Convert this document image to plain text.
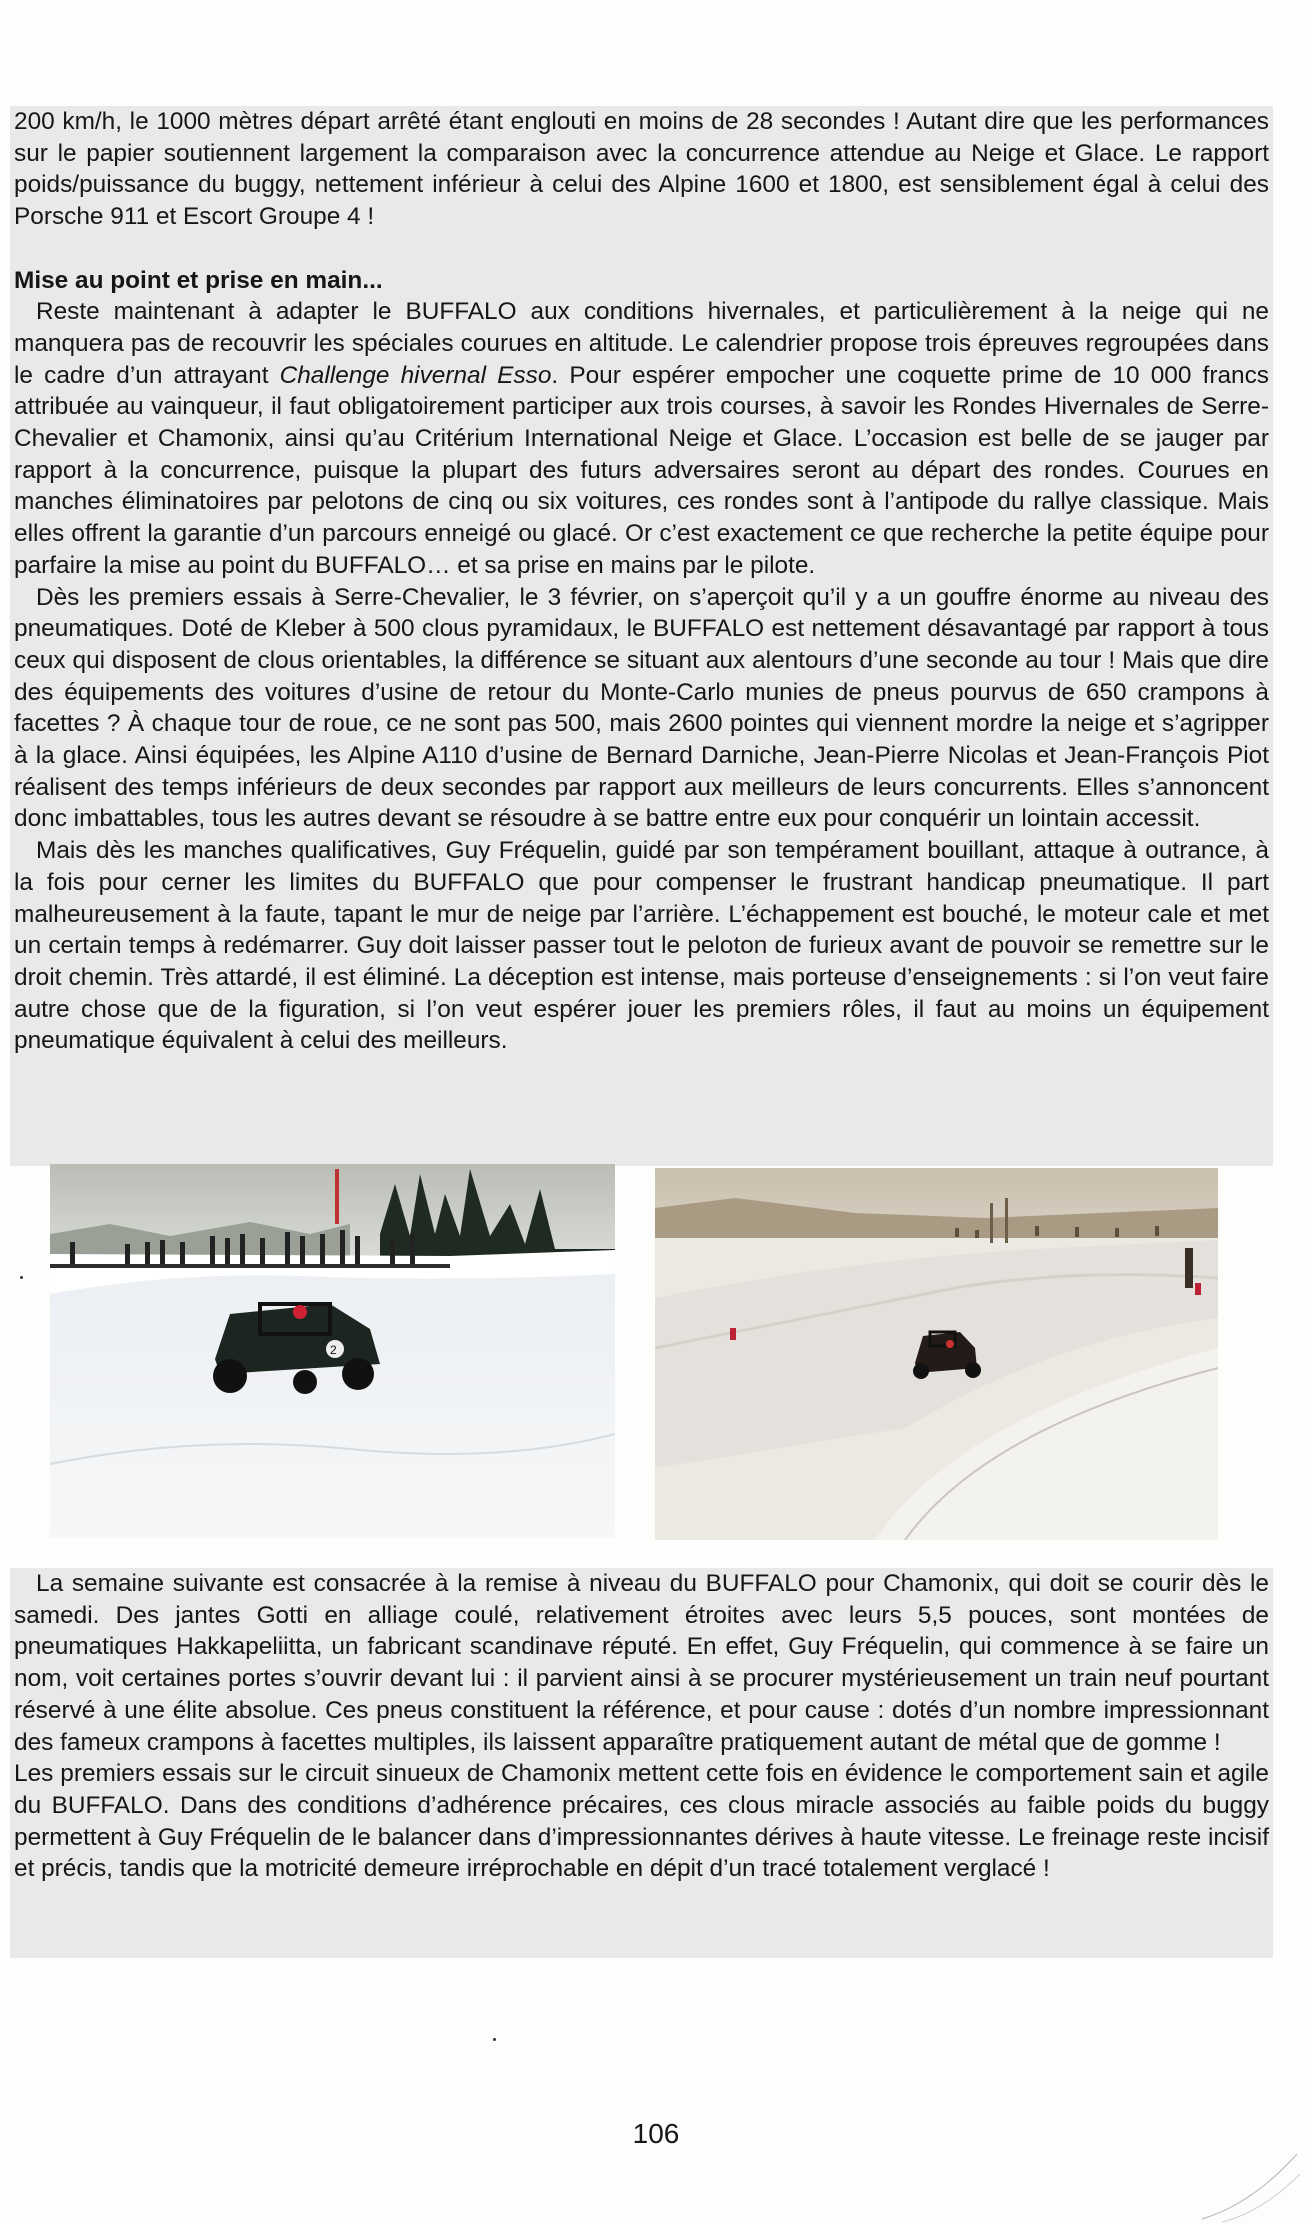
200 km/h, le 1000 mètres départ arrêté étant englouti en moins de 28 secondes ! Autant dire que les performances sur le papier soutiennent largement la comparaison avec la concurrence attendue au Neige et Glace. Le rapport poids/puissance du buggy, nettement inférieur à celui des Alpine 1600 et 1800, est sensiblement égal à celui des Porsche 911 et Escort Groupe 4 !

Mise au point et prise en main...

Reste maintenant à adapter le BUFFALO aux conditions hivernales, et particulièrement à la neige qui ne manquera pas de recouvrir les spéciales courues en altitude. Le calendrier propose trois épreuves regroupées dans le cadre d’un attrayant Challenge hivernal Esso. Pour espérer empocher une coquette prime de 10 000 francs attribuée au vainqueur, il faut obligatoirement participer aux trois courses, à savoir les Rondes Hivernales de Serre-Chevalier et Chamonix, ainsi qu’au Critérium International Neige et Glace. L’occasion est belle de se jauger par rapport à la concurrence, puisque la plupart des futurs adversaires seront au départ des rondes. Courues en manches éliminatoires par pelotons de cinq ou six voitures, ces rondes sont à l’antipode du rallye classique. Mais elles offrent la garantie d’un parcours enneigé ou glacé. Or c’est exactement ce que recherche la petite équipe pour parfaire la mise au point du BUFFALO… et sa prise en mains par le pilote.

Dès les premiers essais à Serre-Chevalier, le 3 février, on s’aperçoit qu’il y a un gouffre énorme au niveau des pneumatiques. Doté de Kleber à 500 clous pyramidaux, le BUFFALO est nettement désavantagé par rapport à tous ceux qui disposent de clous orientables, la différence se situant aux alentours d’une seconde au tour ! Mais que dire des équipements des voitures d’usine de retour du Monte-Carlo munies de pneus pourvus de 650 crampons à facettes ? À chaque tour de roue, ce ne sont pas 500, mais 2600 pointes qui viennent mordre la neige et s’agripper à la glace. Ainsi équipées, les Alpine A110 d’usine de Bernard Darniche, Jean-Pierre Nicolas et Jean-François Piot réalisent des temps inférieurs de deux secondes par rapport aux meilleurs de leurs concurrents. Elles s’annoncent donc imbattables, tous les autres devant se résoudre à se battre entre eux pour conquérir un lointain accessit.

Mais dès les manches qualificatives, Guy Fréquelin, guidé par son tempérament bouillant, attaque à outrance, à la fois pour cerner les limites du BUFFALO que pour compenser le frustrant handicap pneumatique. Il part malheureusement à la faute, tapant le mur de neige par l’arrière. L’échappement est bouché, le moteur cale et met un certain temps à redémarrer. Guy doit laisser passer tout le peloton de furieux avant de pouvoir se remettre sur le droit chemin. Très attardé, il est éliminé. La déception est intense, mais porteuse d’enseignements : si l’on veut faire autre chose que de la figuration, si l’on veut espérer jouer les premiers rôles, il faut au moins un équipement pneumatique équivalent à celui des meilleurs.

2

La semaine suivante est consacrée à la remise à niveau du BUFFALO pour Chamonix, qui doit se courir dès le samedi. Des jantes Gotti en alliage coulé, relativement étroites avec leurs 5,5 pouces, sont montées de pneumatiques Hakkapeliitta, un fabricant scandinave réputé. En effet, Guy Fréquelin, qui commence à se faire un nom, voit certaines portes s’ouvrir devant lui : il parvient ainsi à se procurer mystérieusement un train neuf pourtant réservé à une élite absolue. Ces pneus constituent la référence, et pour cause : dotés d’un nombre impressionnant des fameux crampons à facettes multiples, ils laissent apparaître pratiquement autant de métal que de gomme !

Les premiers essais sur le circuit sinueux de Chamonix mettent cette fois en évidence le comportement sain et agile du BUFFALO. Dans des conditions d’adhérence précaires, ces clous miracle associés au faible poids du buggy permettent à Guy Fréquelin de le balancer dans d’impressionnantes dérives à haute vitesse. Le freinage reste incisif et précis, tandis que la motricité demeure irréprochable en dépit d’un tracé totalement verglacé !

106
